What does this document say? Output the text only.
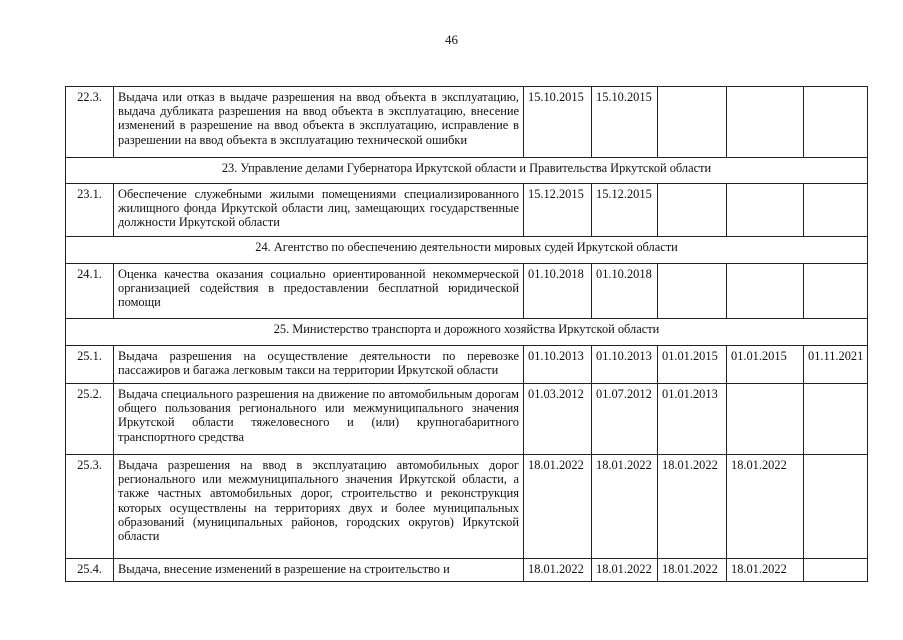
46
22.3.	Выдача или отказ в выдаче разрешения на ввод объекта в эксплуатацию, выдача дубликата разрешения на ввод объекта в эксплуатацию, внесение изменений в разрешение на ввод объекта в эксплуатацию, исправление в разрешении на ввод объекта в эксплуатацию технической ошибки	15.10.2015	15.10.2015			
23. Управление делами Губернатора Иркутской области и Правительства Иркутской области						
23.1.	Обеспечение служебными жилыми помещениями специализированного жилищного фонда Иркутской области лиц, замещающих государственные должности Иркутской области	15.12.2015	15.12.2015			
24. Агентство по обеспечению деятельности мировых судей Иркутской области						
24.1.	Оценка качества оказания социально ориентированной некоммерческой организацией содействия в предоставлении бесплатной юридической помощи	01.10.2018	01.10.2018			
25. Министерство транспорта и дорожного хозяйства Иркутской области						
25.1.	Выдача разрешения на осуществление деятельности по перевозке пассажиров и багажа легковым такси на территории Иркутской области	01.10.2013	01.10.2013	01.01.2015	01.01.2015	01.11.2021
25.2.	Выдача специального разрешения на движение по автомобильным дорогам общего пользования регионального или межмуниципального значения Иркутской области тяжеловесного и (или) крупногабаритного транспортного средства	01.03.2012	01.07.2012	01.01.2013		
25.3.	Выдача разрешения на ввод в эксплуатацию автомобильных дорог регионального или межмуниципального значения Иркутской области, а также частных автомобильных дорог, строительство и реконструкция которых осуществлены на территориях двух и более муниципальных образований (муниципальных районов, городских округов) Иркутской области	18.01.2022	18.01.2022	18.01.2022	18.01.2022	
25.4.	Выдача, внесение изменений в разрешение на строительство и	18.01.2022	18.01.2022	18.01.2022	18.01.2022	
